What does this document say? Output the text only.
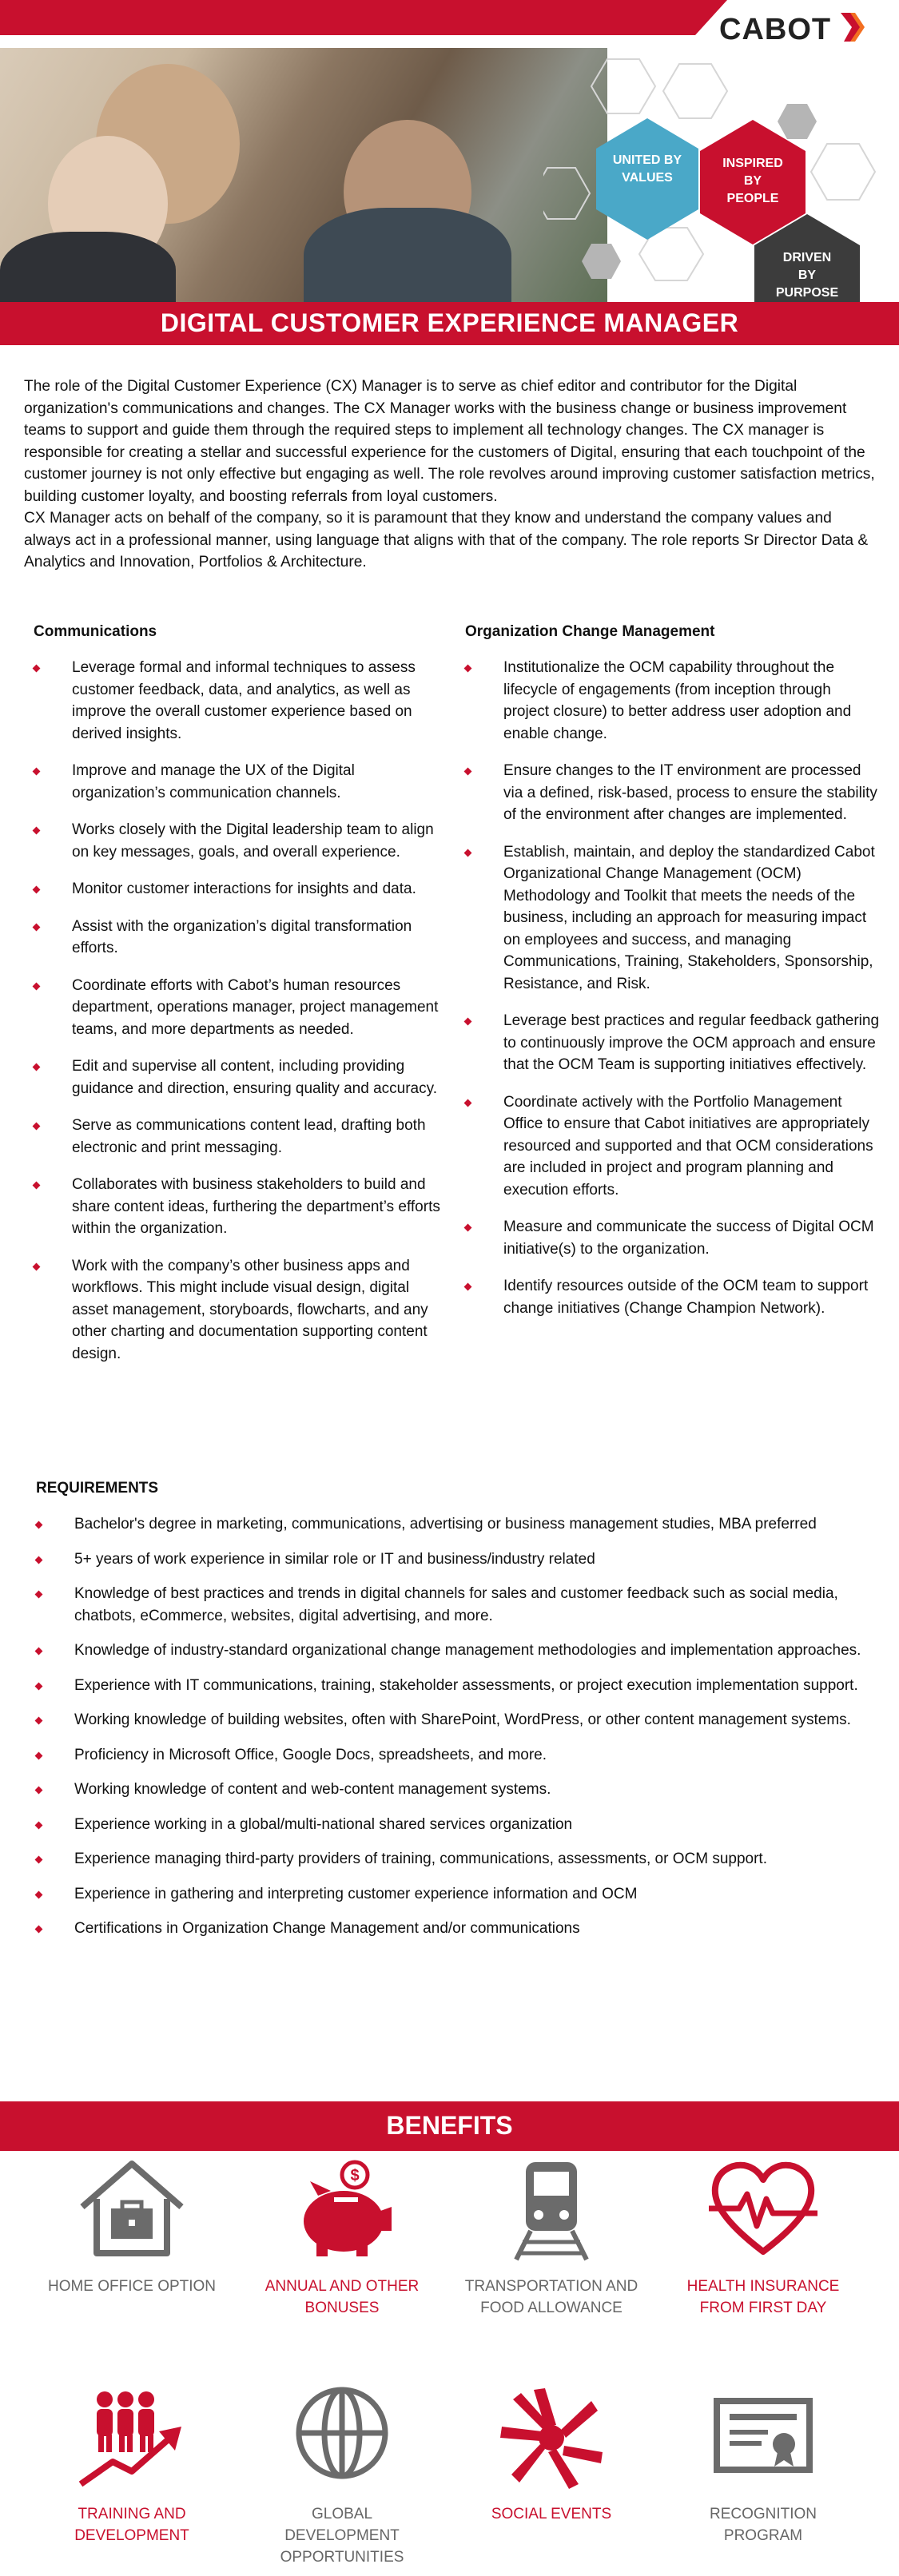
CABOT
UNITED BY VALUES
INSPIRED BY PEOPLE
DRIVEN BY PURPOSE
DIGITAL CUSTOMER EXPERIENCE MANAGER

The role of the Digital Customer Experience (CX) Manager is to serve as chief editor and contributor for the Digital organization's communications and changes. The CX Manager works with the business change or business improvement teams to support and guide them through the required steps to implement all technology changes. The CX manager is responsible for creating a stellar and successful experience for the customers of Digital, ensuring that each touchpoint of the customer journey is not only effective but engaging as well. The role revolves around improving customer satisfaction metrics, building customer loyalty, and boosting referrals from loyal customers.

CX Manager acts on behalf of the company, so it is paramount that they know and understand the company values and always act in a professional manner, using language that aligns with that of the company. The role reports Sr Director Data & Analytics and Innovation, Portfolios & Architecture.

Communications
Leverage formal and informal techniques to assess customer feedback, data, and analytics, as well as improve the overall customer experience based on derived insights.
Improve and manage the UX of the Digital organization’s communication channels.
Works closely with the Digital leadership team to align on key messages, goals, and overall experience.
Monitor customer interactions for insights and data.
Assist with the organization’s digital transformation efforts.
Coordinate efforts with Cabot’s human resources department, operations manager, project management teams, and more departments as needed.
Edit and supervise all content, including providing guidance and direction, ensuring quality and accuracy.
Serve as communications content lead, drafting both electronic and print messaging.
Collaborates with business stakeholders to build and share content ideas, furthering the department’s efforts within the organization.
Work with the company’s other business apps and workflows. This might include visual design, digital asset management, storyboards, flowcharts, and any other charting and documentation supporting content design.
Organization Change Management
Institutionalize the OCM capability throughout the lifecycle of engagements (from inception through project closure) to better address user adoption and enable change.
Ensure changes to the IT environment are processed via a defined, risk-based, process to ensure the stability of the environment after changes are implemented.
Establish, maintain, and deploy the standardized Cabot Organizational Change Management (OCM) Methodology and Toolkit that meets the needs of the business, including an approach for measuring impact on employees and success, and managing Communications, Training, Stakeholders, Sponsorship, Resistance, and Risk.
Leverage best practices and regular feedback gathering to continuously improve the OCM approach and ensure that the OCM Team is supporting initiatives effectively.
Coordinate actively with the Portfolio Management Office to ensure that Cabot initiatives are appropriately resourced and supported and that OCM considerations are included in project and program planning and execution efforts.
Measure and communicate the success of Digital OCM initiative(s) to the organization.
Identify resources outside of the OCM team to support change initiatives (Change Champion Network).
REQUIREMENTS
Bachelor's degree in marketing, communications, advertising or business management studies, MBA preferred
5+ years of work experience in similar role or IT and business/industry related
Knowledge of best practices and trends in digital channels for sales and customer feedback such as social media, chatbots, eCommerce, websites, digital advertising, and more.
Knowledge of industry-standard organizational change management methodologies and implementation approaches.
Experience with IT communications, training, stakeholder assessments, or project execution implementation support.
Working knowledge of building websites, often with SharePoint, WordPress, or other content management systems.
Proficiency in Microsoft Office, Google Docs, spreadsheets, and more.
Working knowledge of content and web-content management systems.
Experience working in a global/multi-national shared services organization
Experience managing third-party providers of training, communications, assessments, or OCM support.
Experience in gathering and interpreting customer experience information and OCM
Certifications in Organization Change Management and/or communications
BENEFITS
HOME OFFICE OPTION
$
ANNUAL AND OTHER BONUSES
TRANSPORTATION AND FOOD ALLOWANCE
HEALTH INSURANCE FROM FIRST DAY
TRAINING AND DEVELOPMENT
GLOBAL DEVELOPMENT OPPORTUNITIES
SOCIAL EVENTS	RECOGNITION PROGRAM
